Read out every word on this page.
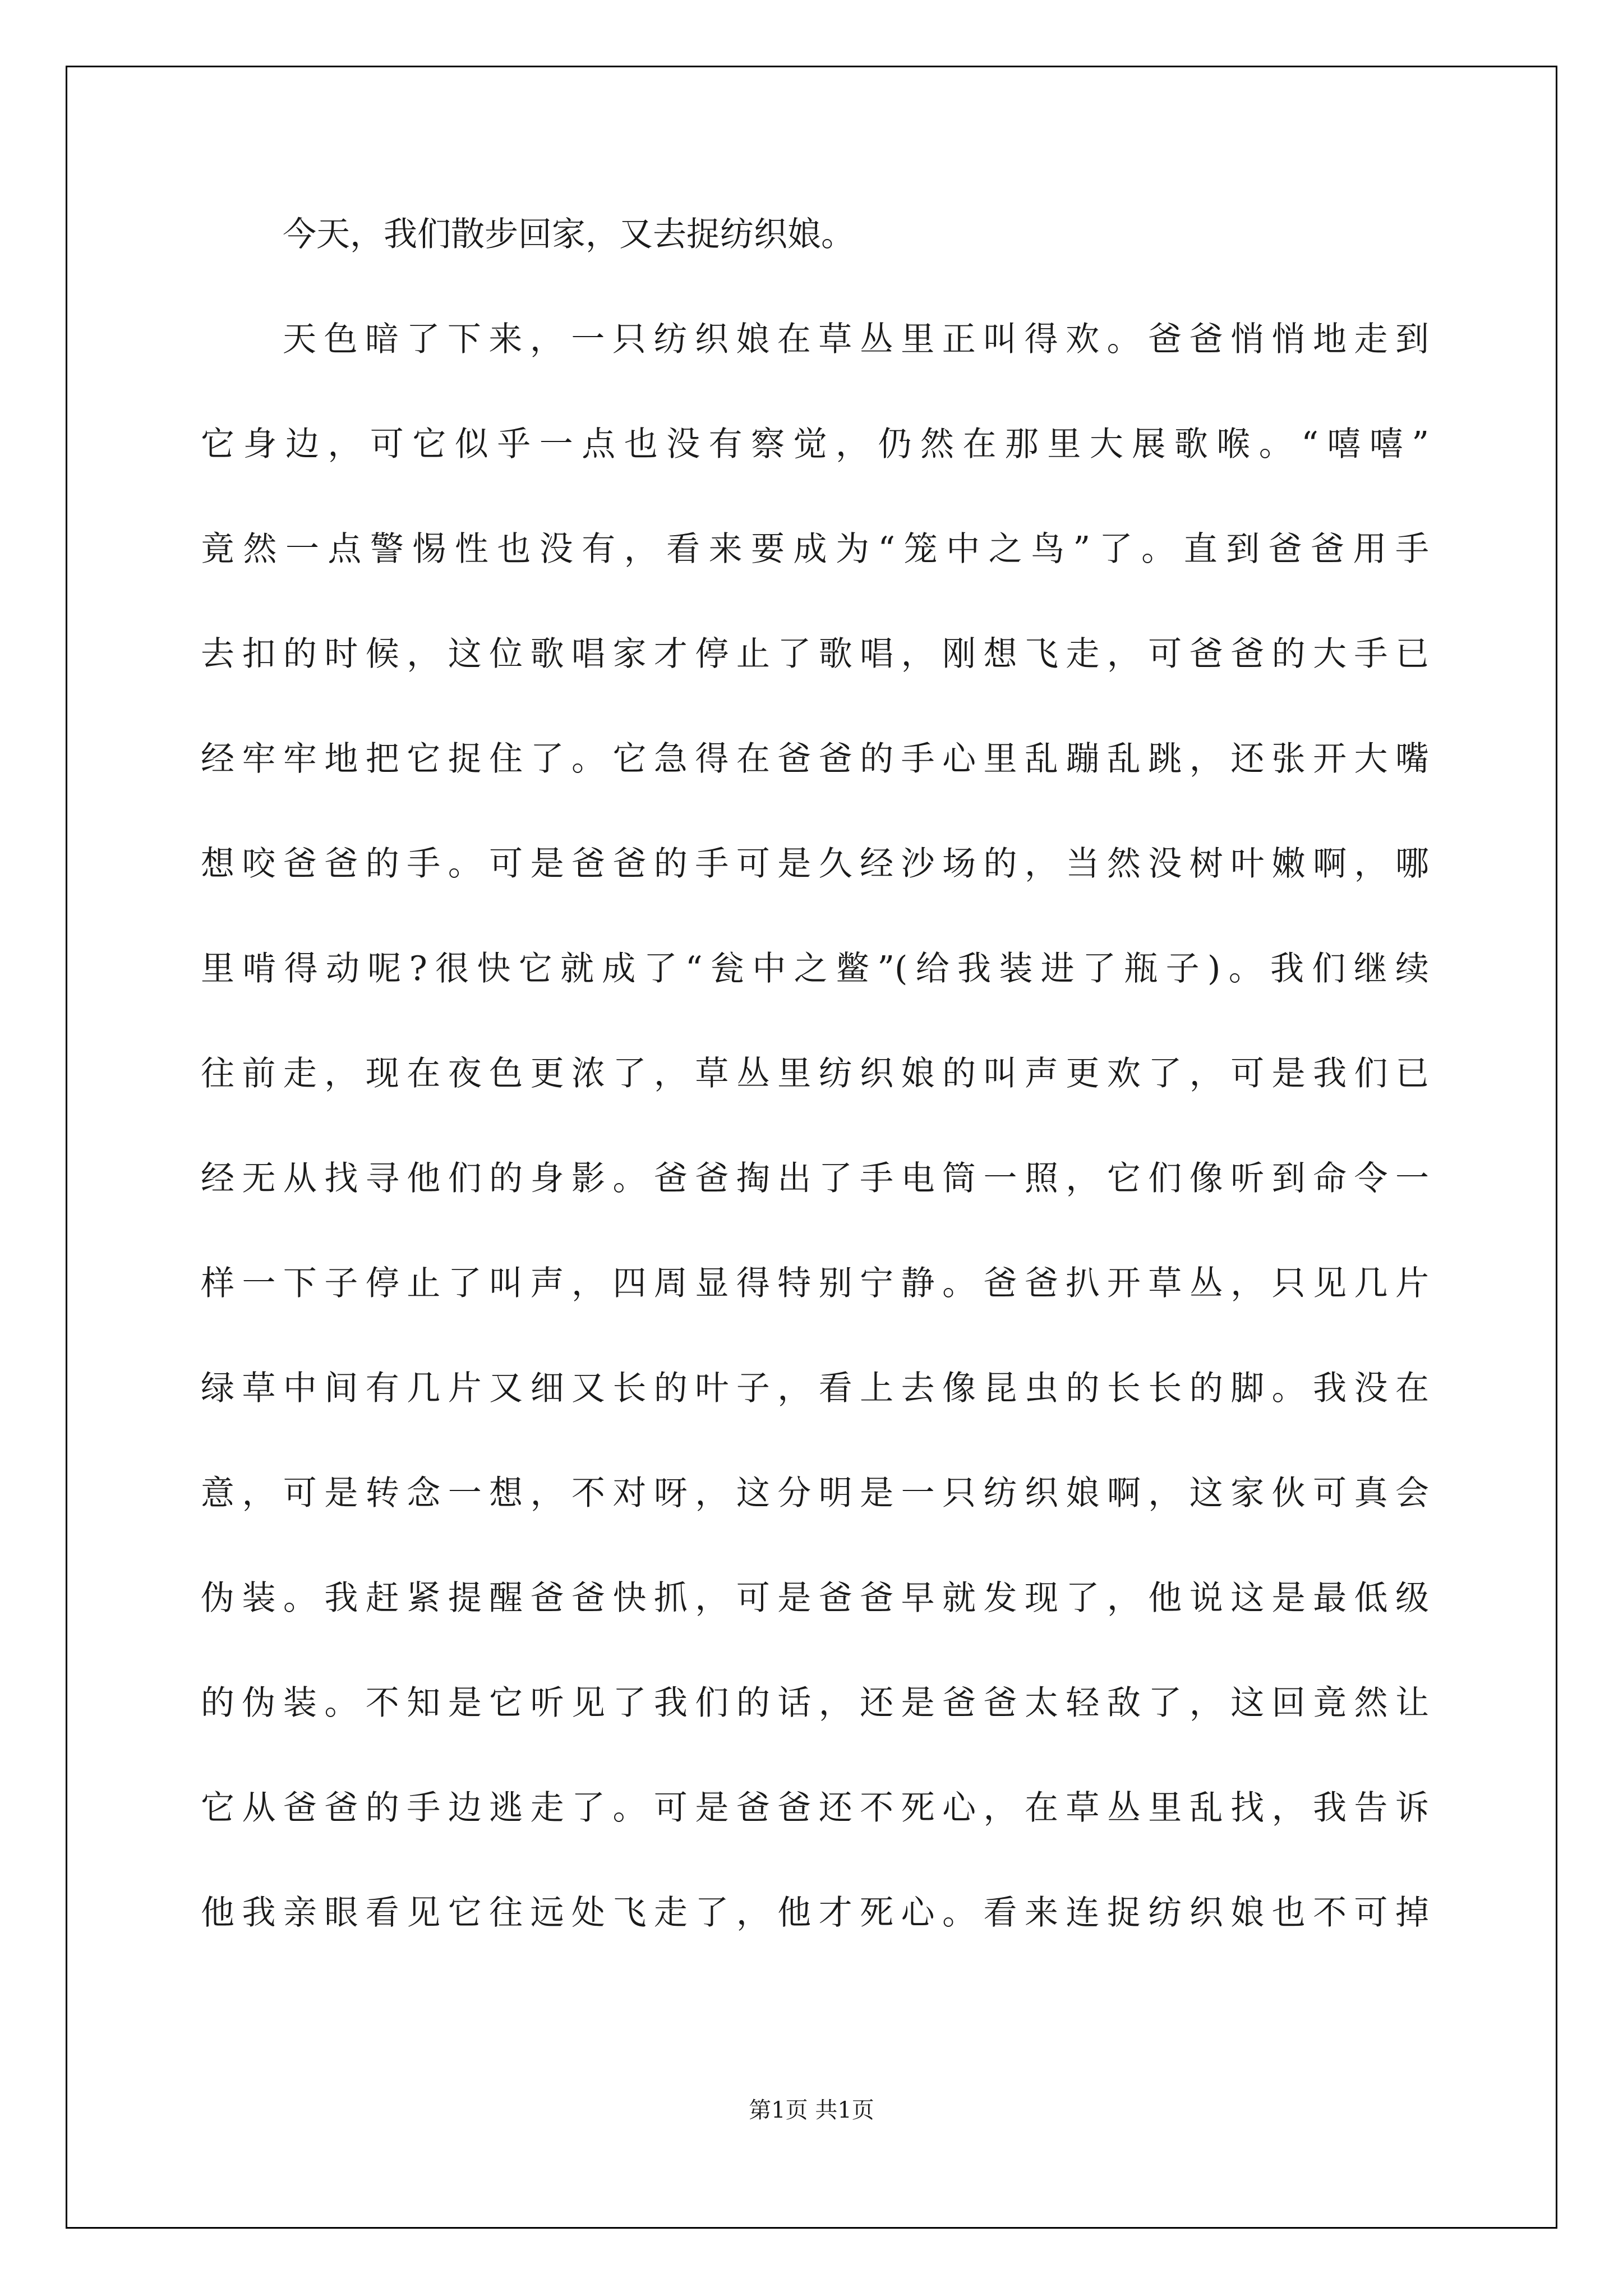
今天，我们散步回家，又去捉纺织娘。
天色暗了下来，一只纺织娘在草丛里正叫得欢。爸爸悄悄地走到
它身边，可它似乎一点也没有察觉，仍然在那里大展歌喉。“嘻嘻”
竟然一点警惕性也没有，看来要成为“笼中之鸟”了。直到爸爸用手
去扣的时候，这位歌唱家才停止了歌唱，刚想飞走，可爸爸的大手已
经牢牢地把它捉住了。它急得在爸爸的手心里乱蹦乱跳，还张开大嘴
想咬爸爸的手。可是爸爸的手可是久经沙场的，当然没树叶嫩啊，哪
里啃得动呢?很快它就成了“瓮中之鳖”(给我装进了瓶子)。我们继续
往前走，现在夜色更浓了，草丛里纺织娘的叫声更欢了，可是我们已
经无从找寻他们的身影。爸爸掏出了手电筒一照，它们像听到命令一
样一下子停止了叫声，四周显得特别宁静。爸爸扒开草丛，只见几片
绿草中间有几片又细又长的叶子，看上去像昆虫的长长的脚。我没在
意，可是转念一想，不对呀，这分明是一只纺织娘啊，这家伙可真会
伪装。我赶紧提醒爸爸快抓，可是爸爸早就发现了，他说这是最低级
的伪装。不知是它听见了我们的话，还是爸爸太轻敌了，这回竟然让
它从爸爸的手边逃走了。可是爸爸还不死心，在草丛里乱找，我告诉
他我亲眼看见它往远处飞走了，他才死心。看来连捉纺织娘也不可掉
第1页 共1页
